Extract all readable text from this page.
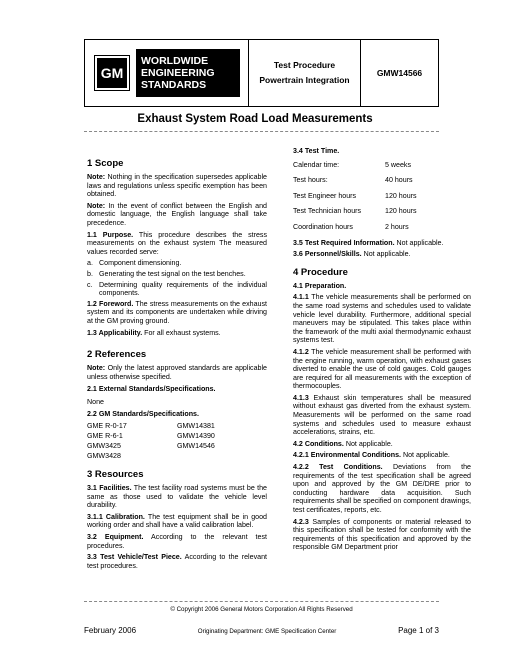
GM
WORLDWIDE
ENGINEERING
STANDARDS
Test Procedure
Powertrain Integration
GMW14566
Exhaust System Road Load Measurements
1 Scope
Note: Nothing in the specification supersedes applicable laws and regulations unless specific exemption has been obtained.
Note: In the event of conflict between the English and domestic language, the English language shall take precedence.
1.1 Purpose. This procedure describes the stress measurements on the exhaust system The measured values recorded serve:
a. Component dimensioning.
b. Generating the test signal on the test benches.
c. Determining quality requirements of the individual components.
1.2 Foreword. The stress measurements on the exhaust system and its components are undertaken while driving at the GM proving ground.
1.3 Applicability. For all exhaust systems.
2 References
Note: Only the latest approved standards are applicable unless otherwise specified.
2.1 External Standards/Specifications.
None
2.2 GM Standards/Specifications.
GME R-0-17	GMW14381
GME R-6-1	GMW14390
GMW3425	GMW14546
GMW3428
3 Resources
3.1 Facilities. The test facility road systems must be the same as those used to validate the vehicle level durability.
3.1.1 Calibration. The test equipment shall be in good working order and shall have a valid calibration label.
3.2 Equipment. According to the relevant test procedures.
3.3 Test Vehicle/Test Piece. According to the relevant test procedures.
3.4 Test Time.
Calendar time:	5 weeks
Test hours:	40 hours
Test Engineer hours	120 hours
Test Technician hours	120 hours
Coordination hours	2 hours
3.5 Test Required Information. Not applicable.
3.6 Personnel/Skills. Not applicable.
4 Procedure
4.1 Preparation.
4.1.1 The vehicle measurements shall be performed on the same road systems and schedules used to validate vehicle level durability. Furthermore, additional special maneuvers may be stipulated. This takes place within the framework of the multi axial thermodynamic exhaust systems test.
4.1.2 The vehicle measurement shall be performed with the engine running, warm operation, with exhaust gases diverted to enable the use of cold gauges. Cold gauges are required for all measurements with the exception of thermocouples.
4.1.3 Exhaust skin temperatures shall be measured without exhaust gas diverted from the exhaust system. Measurements will be performed on the same road systems and schedules used to measure exhaust accelerations, strains, etc.
4.2 Conditions. Not applicable.
4.2.1 Environmental Conditions. Not applicable.
4.2.2 Test Conditions. Deviations from the requirements of the test specification shall be agreed upon and approved by the GM DE/DRE prior to conducting hardware data acquisition. Such requirements shall be specified on component drawings, test certificates, reports, etc.
4.2.3 Samples of components or material released to this specification shall be tested for conformity with the requirements of this specification and approved by the responsible GM Department prior
© Copyright 2006 General Motors Corporation All Rights Reserved
February 2006	Originating Department: GME Specification Center	Page 1 of 3
